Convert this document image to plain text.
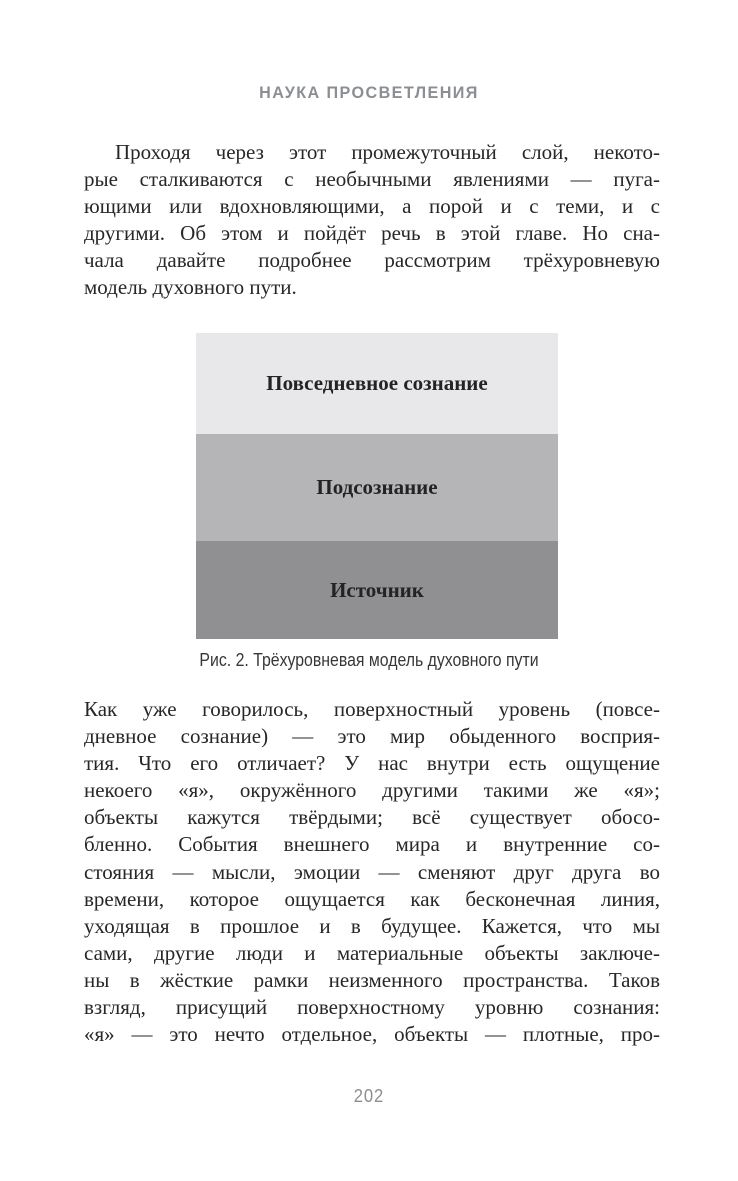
НАУКА ПРОСВЕТЛЕНИЯ
Проходя через этот промежуточный слой, некото-
рые сталкиваются с необычными явлениями — пуга-
ющими или вдохновляющими, а порой и с теми, и с
другими. Об этом и пойдёт речь в этой главе. Но сна-
чала давайте подробнее рассмотрим трёхуровневую
модель духовного пути.
Повседневное сознание
Подсознание
Источник
Рис. 2. Трёхуровневая модель духовного пути
Как уже говорилось, поверхностный уровень (повсе-
дневное сознание) — это мир обыденного восприя-
тия. Что его отличает? У нас внутри есть ощущение
некоего «я», окружённого другими такими же «я»;
объекты кажутся твёрдыми; всё существует обосо-
бленно. События внешнего мира и внутренние со-
стояния — мысли, эмоции — сменяют друг друга во
времени, которое ощущается как бесконечная линия,
уходящая в прошлое и в будущее. Кажется, что мы
сами, другие люди и материальные объекты заключе-
ны в жёсткие рамки неизменного пространства. Таков
взгляд, присущий поверхностному уровню сознания:
«я» — это нечто отдельное, объекты — плотные, про-
202
